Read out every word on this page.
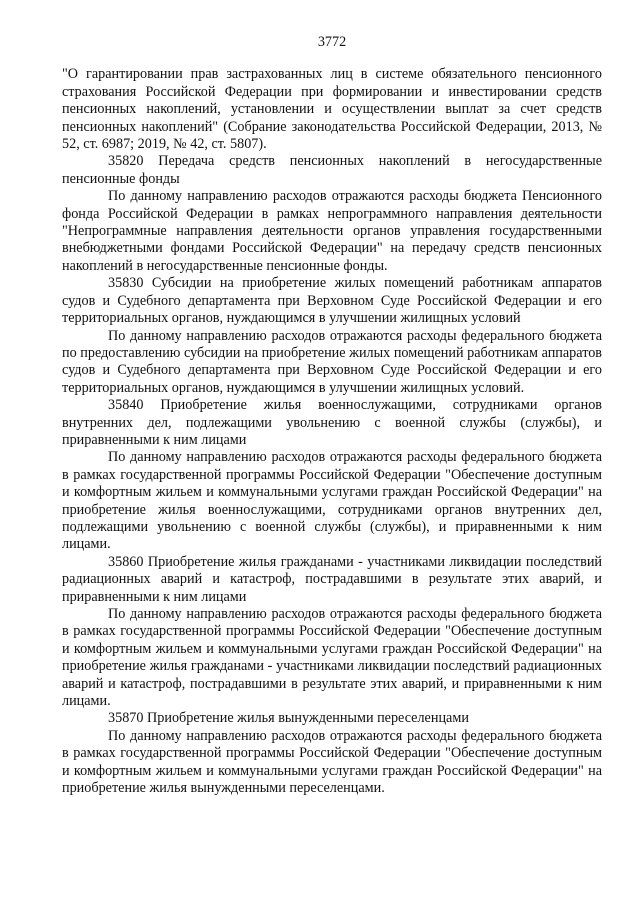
3772

"О гарантировании прав застрахованных лиц в системе обязательного пенсионного страхования Российской Федерации при формировании и инвестировании средств пенсионных накоплений, установлении и осуществлении выплат за счет средств пенсионных накоплений" (Собрание законодательства Российской Федерации, 2013, № 52, ст. 6987; 2019, № 42, ст. 5807).

35820 Передача средств пенсионных накоплений в негосударственные пенсионные фонды

По данному направлению расходов отражаются расходы бюджета Пенсионного фонда Российской Федерации в рамках непрограммного направления деятельности "Непрограммные направления деятельности органов управления государственными внебюджетными фондами Российской Федерации" на передачу средств пенсионных накоплений в негосударственные пенсионные фонды.

35830 Субсидии на приобретение жилых помещений работникам аппаратов судов и Судебного департамента при Верховном Суде Российской Федерации и его территориальных органов, нуждающимся в улучшении жилищных условий

По данному направлению расходов отражаются расходы федерального бюджета по предоставлению субсидии на приобретение жилых помещений работникам аппаратов судов и Судебного департамента при Верховном Суде Российской Федерации и его территориальных органов, нуждающимся в улучшении жилищных условий.

35840 Приобретение жилья военнослужащими, сотрудниками органов внутренних дел, подлежащими увольнению с военной службы (службы), и приравненными к ним лицами

По данному направлению расходов отражаются расходы федерального бюджета в рамках государственной программы Российской Федерации "Обеспечение доступным и комфортным жильем и коммунальными услугами граждан Российской Федерации" на приобретение жилья военнослужащими, сотрудниками органов внутренних дел, подлежащими увольнению с военной службы (службы), и приравненными к ним лицами.

35860 Приобретение жилья гражданами - участниками ликвидации последствий радиационных аварий и катастроф, пострадавшими в результате этих аварий, и приравненными к ним лицами

По данному направлению расходов отражаются расходы федерального бюджета в рамках государственной программы Российской Федерации "Обеспечение доступным и комфортным жильем и коммунальными услугами граждан Российской Федерации" на приобретение жилья гражданами - участниками ликвидации последствий радиационных аварий и катастроф, пострадавшими в результате этих аварий, и приравненными к ним лицами.

35870 Приобретение жилья вынужденными переселенцами

По данному направлению расходов отражаются расходы федерального бюджета в рамках государственной программы Российской Федерации "Обеспечение доступным и комфортным жильем и коммунальными услугами граждан Российской Федерации" на приобретение жилья вынужденными переселенцами.
